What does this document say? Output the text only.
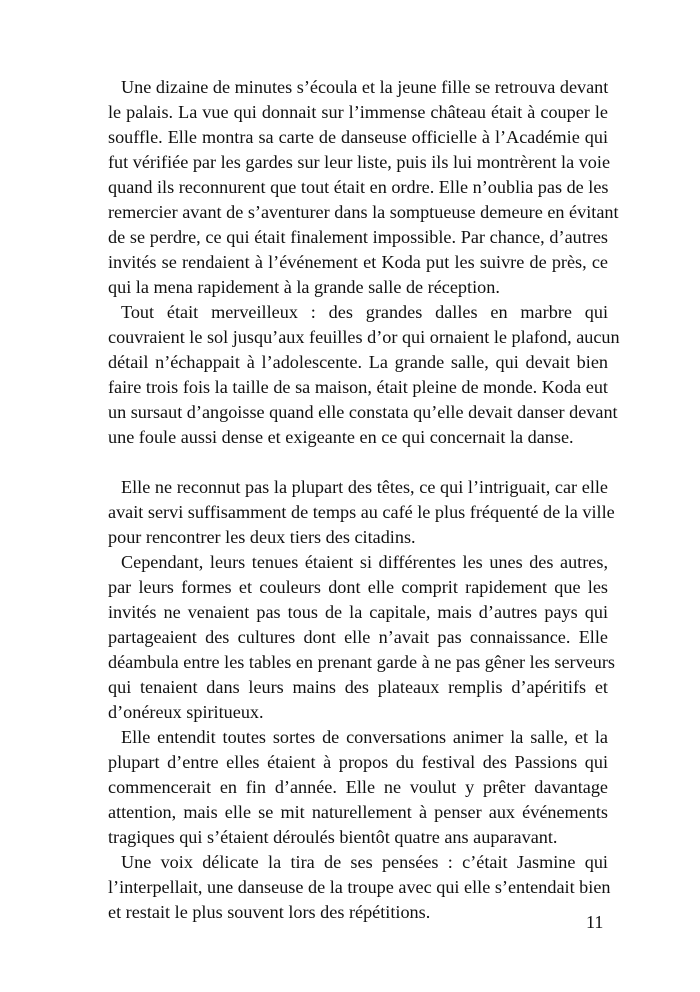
Une dizaine de minutes s’écoula et la jeune fille se retrouva devant
le palais. La vue qui donnait sur l’immense château était à couper le
souffle. Elle montra sa carte de danseuse officielle à l’Académie qui
fut vérifiée par les gardes sur leur liste, puis ils lui montrèrent la voie
quand ils reconnurent que tout était en ordre. Elle n’oublia pas de les
remercier avant de s’aventurer dans la somptueuse demeure en évitant
de se perdre, ce qui était finalement impossible. Par chance, d’autres
invités se rendaient à l’événement et Koda put les suivre de près, ce
qui la mena rapidement à la grande salle de réception.
Tout était merveilleux : des grandes dalles en marbre qui
couvraient le sol jusqu’aux feuilles d’or qui ornaient le plafond, aucun
détail n’échappait à l’adolescente. La grande salle, qui devait bien
faire trois fois la taille de sa maison, était pleine de monde. Koda eut
un sursaut d’angoisse quand elle constata qu’elle devait danser devant
une foule aussi dense et exigeante en ce qui concernait la danse.
Elle ne reconnut pas la plupart des têtes, ce qui l’intriguait, car elle
avait servi suffisamment de temps au café le plus fréquenté de la ville
pour rencontrer les deux tiers des citadins.
Cependant, leurs tenues étaient si différentes les unes des autres,
par leurs formes et couleurs dont elle comprit rapidement que les
invités ne venaient pas tous de la capitale, mais d’autres pays qui
partageaient des cultures dont elle n’avait pas connaissance. Elle
déambula entre les tables en prenant garde à ne pas gêner les serveurs
qui tenaient dans leurs mains des plateaux remplis d’apéritifs et
d’onéreux spiritueux.
Elle entendit toutes sortes de conversations animer la salle, et la
plupart d’entre elles étaient à propos du festival des Passions qui
commencerait en fin d’année. Elle ne voulut y prêter davantage
attention, mais elle se mit naturellement à penser aux événements
tragiques qui s’étaient déroulés bientôt quatre ans auparavant.
Une voix délicate la tira de ses pensées : c’était Jasmine qui
l’interpellait, une danseuse de la troupe avec qui elle s’entendait bien
et restait le plus souvent lors des répétitions.	11
